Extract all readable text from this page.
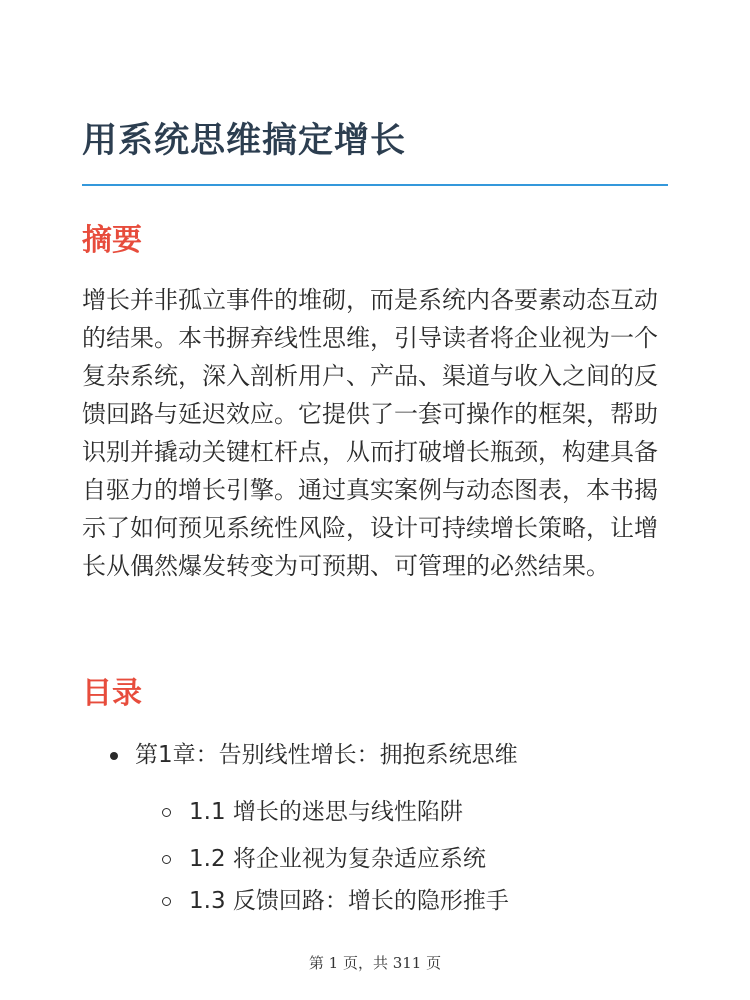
用系统思维搞定增长
摘要

增长并非孤立事件的堆砌，而是系统内各要素动态互动的结果。本书摒弃线性思维，引导读者将企业视为一个复杂系统，深入剖析用户、产品、渠道与收入之间的反馈回路与延迟效应。它提供了一套可操作的框架，帮助识别并撬动关键杠杆点，从而打破增长瓶颈，构建具备自驱力的增长引擎。通过真实案例与动态图表，本书揭示了如何预见系统性风险，设计可持续增长策略，让增长从偶然爆发转变为可预期、可管理的必然结果。

目录
第1章：告别线性增长：拥抱系统思维
1.1 增长的迷思与线性陷阱
1.2 将企业视为复杂适应系统
1.3 反馈回路：增长的隐形推手
第 1 页，共 311 页
